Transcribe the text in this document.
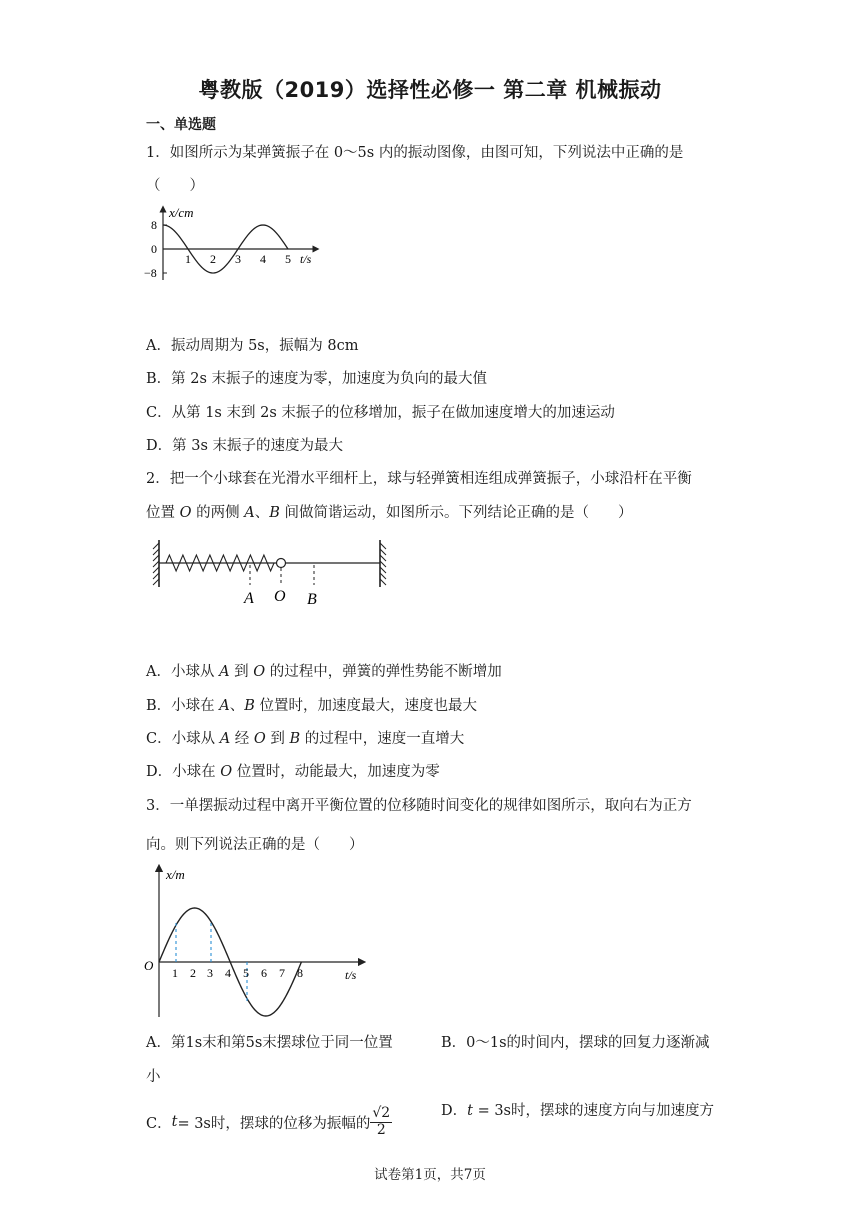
粤教版（2019）选择性必修一 第二章 机械振动
一、单选题
1．如图所示为某弹簧振子在 0～5s 内的振动图像，由图可知，下列说法中正确的是
（　　）
x/cm
8
0
−8
1 2 3 4 5 t/s
A．振动周期为 5s，振幅为 8cm
B．第 2s 末振子的速度为零，加速度为负向的最大值
C．从第 1s 末到 2s 末振子的位移增加，振子在做加速度增大的加速运动
D．第 3s 末振子的速度为最大
2．把一个小球套在光滑水平细杆上，球与轻弹簧相连组成弹簧振子，小球沿杆在平衡
位置 O 的两侧 A、B 间做简谐运动，如图所示。下列结论正确的是（　　）
A O B
A．小球从 A 到 O 的过程中，弹簧的弹性势能不断增加
B．小球在 A、B 位置时，加速度最大，速度也最大
C．小球从 A 经 O 到 B 的过程中，速度一直增大
D．小球在 O 位置时，动能最大，加速度为零
3．一单摆振动过程中离开平衡位置的位移随时间变化的规律如图所示，取向右为正方
向。则下列说法正确的是（　　）
x/m
O 1 2 3 4 5 6 7 8	t/s
A．第1s末和第5s末摆球位于同一位置
小
B．0～1s的时间内，摆球的回复力逐渐减
C． t = 3s时，摆球的位移为振幅的 $\frac{√2}{2}$	D．t = 3s时，摆球的速度方向与加速度方
试卷第1页，共7页
